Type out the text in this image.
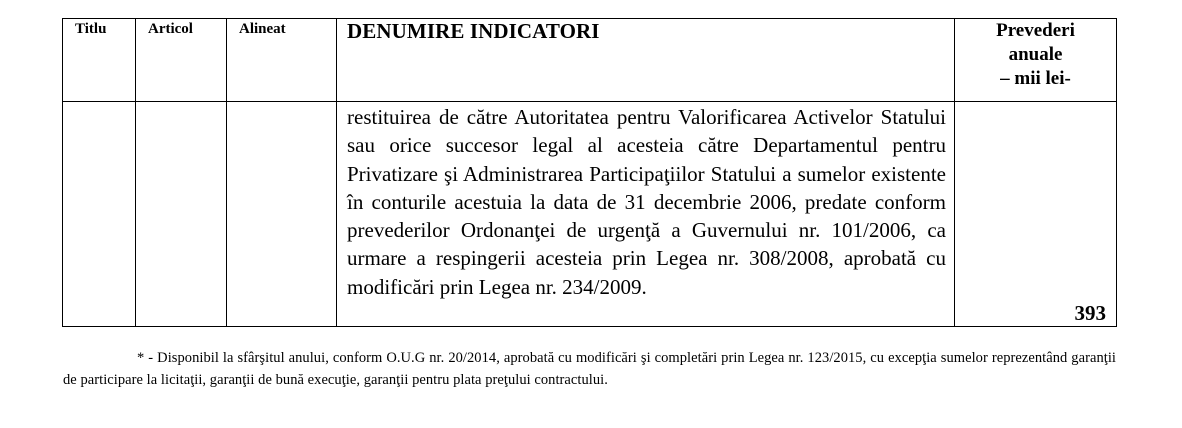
Titlu	Articol	Alineat	DENUMIRE INDICATORI	Prevederi
anuale
– mii lei-

			restituirea de către Autoritatea pentru Valorificarea Activelor Statului sau orice succesor legal al acesteia către Departamentul pentru Privatizare şi Administrarea Participaţiilor Statului a sumelor existente în conturile acestuia la data de 31 decembrie 2006, predate conform prevederilor Ordonanţei de urgenţă a Guvernului nr. 101/2006, ca urmare a respingerii acesteia prin Legea nr. 308/2008, aprobată cu modificări prin Legea nr. 234/2009.	393
* - Disponibil la sfârşitul anului, conform O.U.G nr. 20/2014, aprobată cu modificări şi completări prin Legea nr. 123/2015, cu excepţia sumelor reprezentând garanţii de participare la licitaţii, garanţii de bună execuţie, garanţii pentru plata preţului contractului.
